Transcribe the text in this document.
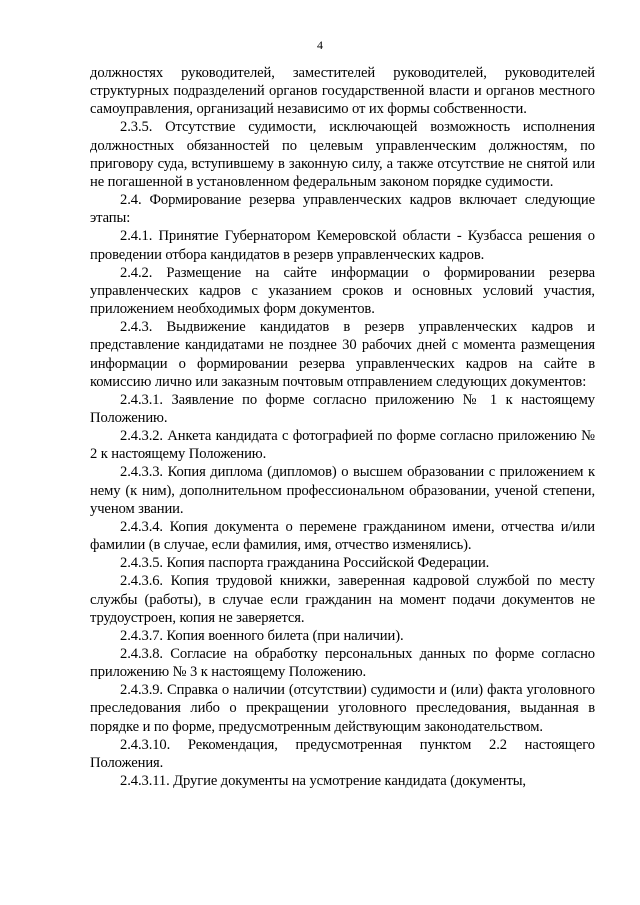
4

должностях руководителей, заместителей руководителей, руководителей структурных подразделений органов государственной власти и органов местного самоуправления, организаций независимо от их формы собственности.

2.3.5. Отсутствие судимости, исключающей возможность исполнения должностных обязанностей по целевым управленческим должностям, по приговору суда, вступившему в законную силу, а также отсутствие не снятой или не погашенной в установленном федеральным законом порядке судимости.

2.4. Формирование резерва управленческих кадров включает следующие этапы:

2.4.1. Принятие Губернатором Кемеровской области - Кузбасса решения о проведении отбора кандидатов в резерв управленческих кадров.

2.4.2. Размещение на сайте информации о формировании резерва управленческих кадров с указанием сроков и основных условий участия, приложением необходимых форм документов.

2.4.3. Выдвижение кандидатов в резерв управленческих кадров и представление кандидатами не позднее 30 рабочих дней с момента размещения информации о формировании резерва управленческих кадров на сайте в комиссию лично или заказным почтовым отправлением следующих документов:

2.4.3.1. Заявление по форме согласно приложению № 1 к настоящему Положению.

2.4.3.2. Анкета кандидата с фотографией по форме согласно приложению № 2 к настоящему Положению.

2.4.3.3. Копия диплома (дипломов) о высшем образовании с приложением к нему (к ним), дополнительном профессиональном образовании, ученой степени, ученом звании.

2.4.3.4. Копия документа о перемене гражданином имени, отчества и/или фамилии (в случае, если фамилия, имя, отчество изменялись).

2.4.3.5. Копия паспорта гражданина Российской Федерации.

2.4.3.6. Копия трудовой книжки, заверенная кадровой службой по месту службы (работы), в случае если гражданин на момент подачи документов не трудоустроен, копия не заверяется.

2.4.3.7. Копия военного билета (при наличии).

2.4.3.8. Согласие на обработку персональных данных по форме согласно приложению № 3 к настоящему Положению.

2.4.3.9. Справка о наличии (отсутствии) судимости и (или) факта уголовного преследования либо о прекращении уголовного преследования, выданная в порядке и по форме, предусмотренным действующим законодательством.

2.4.3.10. Рекомендация, предусмотренная пунктом 2.2 настоящего Положения.

2.4.3.11. Другие документы на усмотрение кандидата (документы,
